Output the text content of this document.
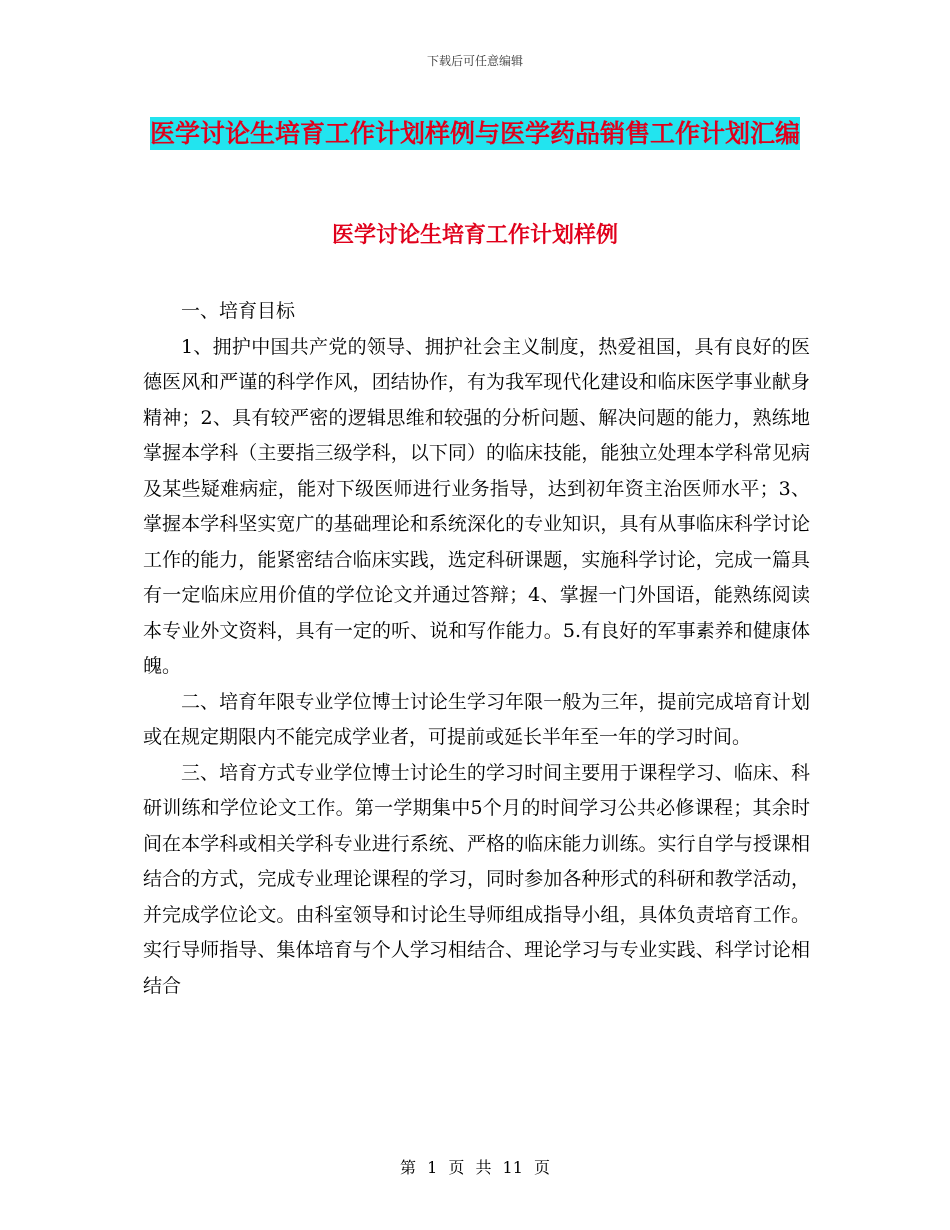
下载后可任意编辑
医学讨论生培育工作计划样例与医学药品销售工作计划汇编
医学讨论生培育工作计划样例

一、培育目标

1、拥护中国共产党的领导、拥护社会主义制度，热爱祖国，具有良好的医德医风和严谨的科学作风，团结协作，有为我军现代化建设和临床医学事业献身精神；2、具有较严密的逻辑思维和较强的分析问题、解决问题的能力，熟练地掌握本学科（主要指三级学科，以下同）的临床技能，能独立处理本学科常见病及某些疑难病症，能对下级医师进行业务指导，达到初年资主治医师水平；3、掌握本学科坚实宽广的基础理论和系统深化的专业知识，具有从事临床科学讨论工作的能力，能紧密结合临床实践，选定科研课题，实施科学讨论，完成一篇具有一定临床应用价值的学位论文并通过答辩；4、掌握一门外国语，能熟练阅读本专业外文资料，具有一定的听、说和写作能力。5.有良好的军事素养和健康体魄。

二、培育年限专业学位博士讨论生学习年限一般为三年，提前完成培育计划或在规定期限内不能完成学业者，可提前或延长半年至一年的学习时间。

三、培育方式专业学位博士讨论生的学习时间主要用于课程学习、临床、科研训练和学位论文工作。第一学期集中5个月的时间学习公共必修课程；其余时间在本学科或相关学科专业进行系统、严格的临床能力训练。实行自学与授课相结合的方式，完成专业理论课程的学习，同时参加各种形式的科研和教学活动，并完成学位论文。由科室领导和讨论生导师组成指导小组，具体负责培育工作。实行导师指导、集体培育与个人学习相结合、理论学习与专业实践、科学讨论相结合

第 1 页 共 11 页
